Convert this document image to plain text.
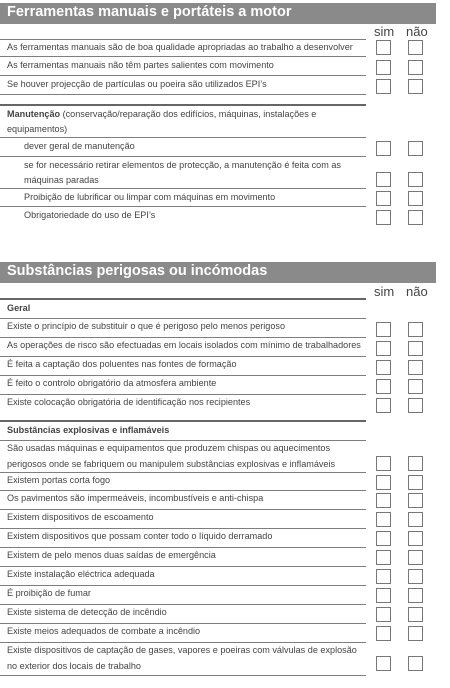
Ferramentas manuais e portáteis a motor
sim não
As ferramentas manuais são de boa qualidade apropriadas ao trabalho a desenvolver
As ferramentas manuais não têm partes salientes com movimento
Se houver projecção de partículas ou poeira são utilizados EPI’s
Manutenção (conservação/reparação dos edifícios, máquinas, instalações e
equipamentos)
dever geral de manutenção
se for necessário retirar elementos de protecção, a manutenção é feita com as
máquinas paradas
Proibição de lubrificar ou limpar com máquinas em movimento
Obrigatoriedade do uso de EPI’s
Substâncias perigosas ou incómodas
sim não
Geral
Existe o princípio de substituir o que é perigoso pelo menos perigoso
As operações de risco são efectuadas em locais isolados com mínimo de trabalhadores
É feita a captação dos poluentes nas fontes de formação
É feito o controlo obrigatório da atmosfera ambiente
Existe colocação obrigatória de identificação nos recipientes
Substâncias explosivas e inflamáveis
São usadas máquinas e equipamentos que produzem chispas ou aquecimentos
perigosos onde se fabriquem ou manipulem substâncias explosivas e inflamáveis
Existem portas corta fogo
Os pavimentos são impermeáveis, incombustíveis e anti-chispa
Existem dispositivos de escoamento
Existem dispositivos que possam conter todo o líquido derramado
Existem de pelo menos duas saídas de emergência
Existe instalação eléctrica adequada
É proibição de fumar
Existe sistema de detecção de incêndio
Existe meios adequados de combate a incêndio
Existe dispositivos de captação de gases, vapores e poeiras com válvulas de explosão
no exterior dos locais de trabalho
